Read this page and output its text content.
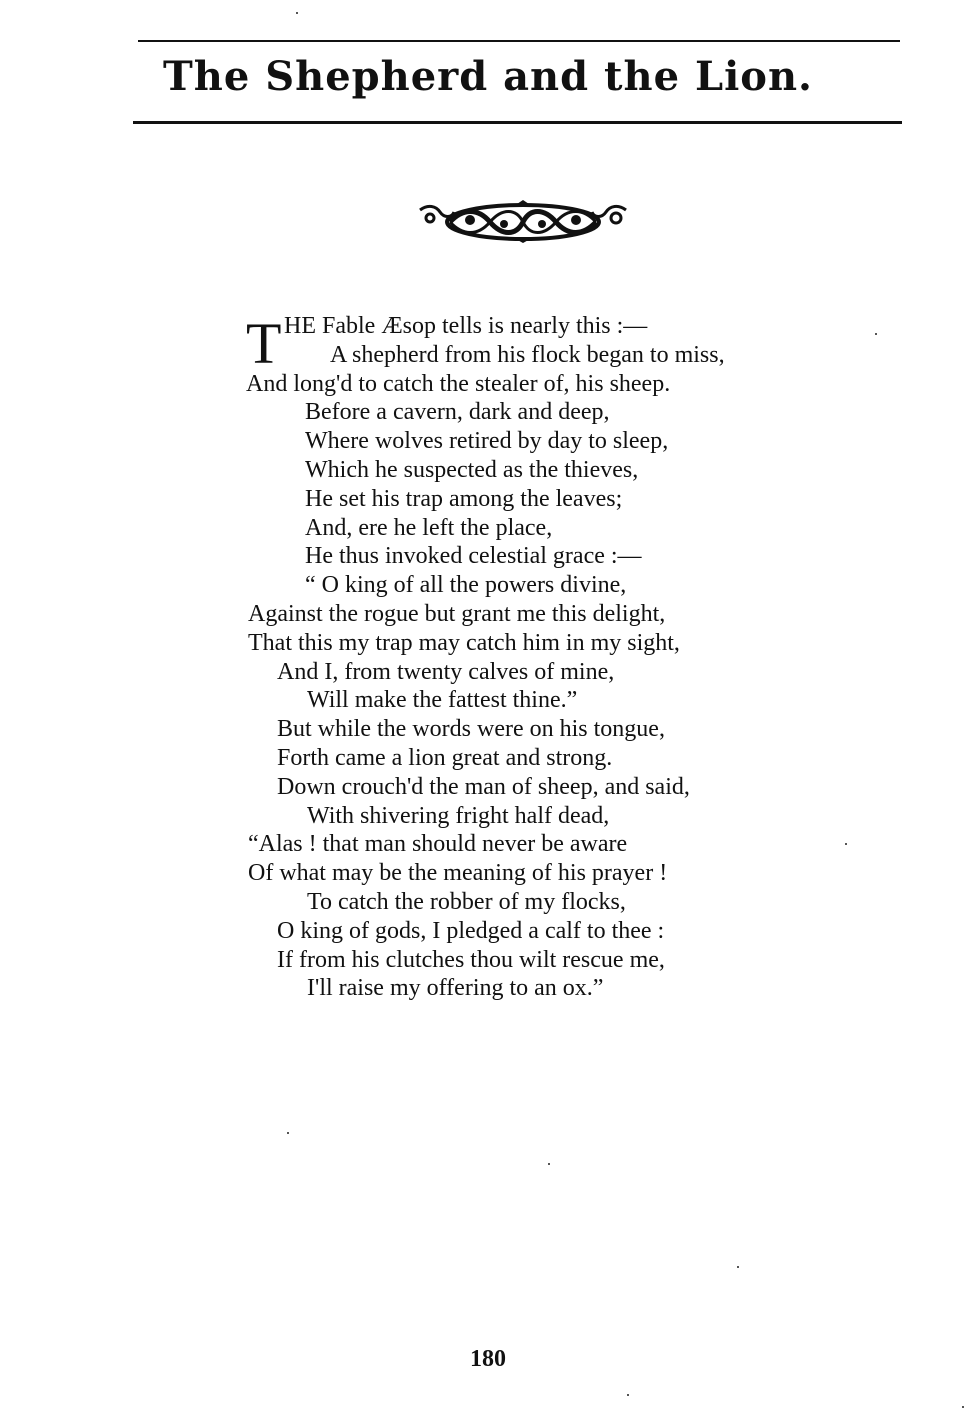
The Shepherd and the Lion.
T HE Fable Æsop tells is nearly this :—
A shepherd from his flock began to miss,
And long'd to catch the stealer of, his sheep.
Before a cavern, dark and deep,
Where wolves retired by day to sleep,
Which he suspected as the thieves,
He set his trap among the leaves;
And, ere he left the place,
He thus invoked celestial grace :—
“ O king of all the powers divine,
Against the rogue but grant me this delight,
That this my trap may catch him in my sight,
And I, from twenty calves of mine,
Will make the fattest thine.”
But while the words were on his tongue,
Forth came a lion great and strong.
Down crouch'd the man of sheep, and said,
With shivering fright half dead,
“Alas ! that man should never be aware
Of what may be the meaning of his prayer !
To catch the robber of my flocks,
O king of gods, I pledged a calf to thee :
If from his clutches thou wilt rescue me,
I'll raise my offering to an ox.”
180
